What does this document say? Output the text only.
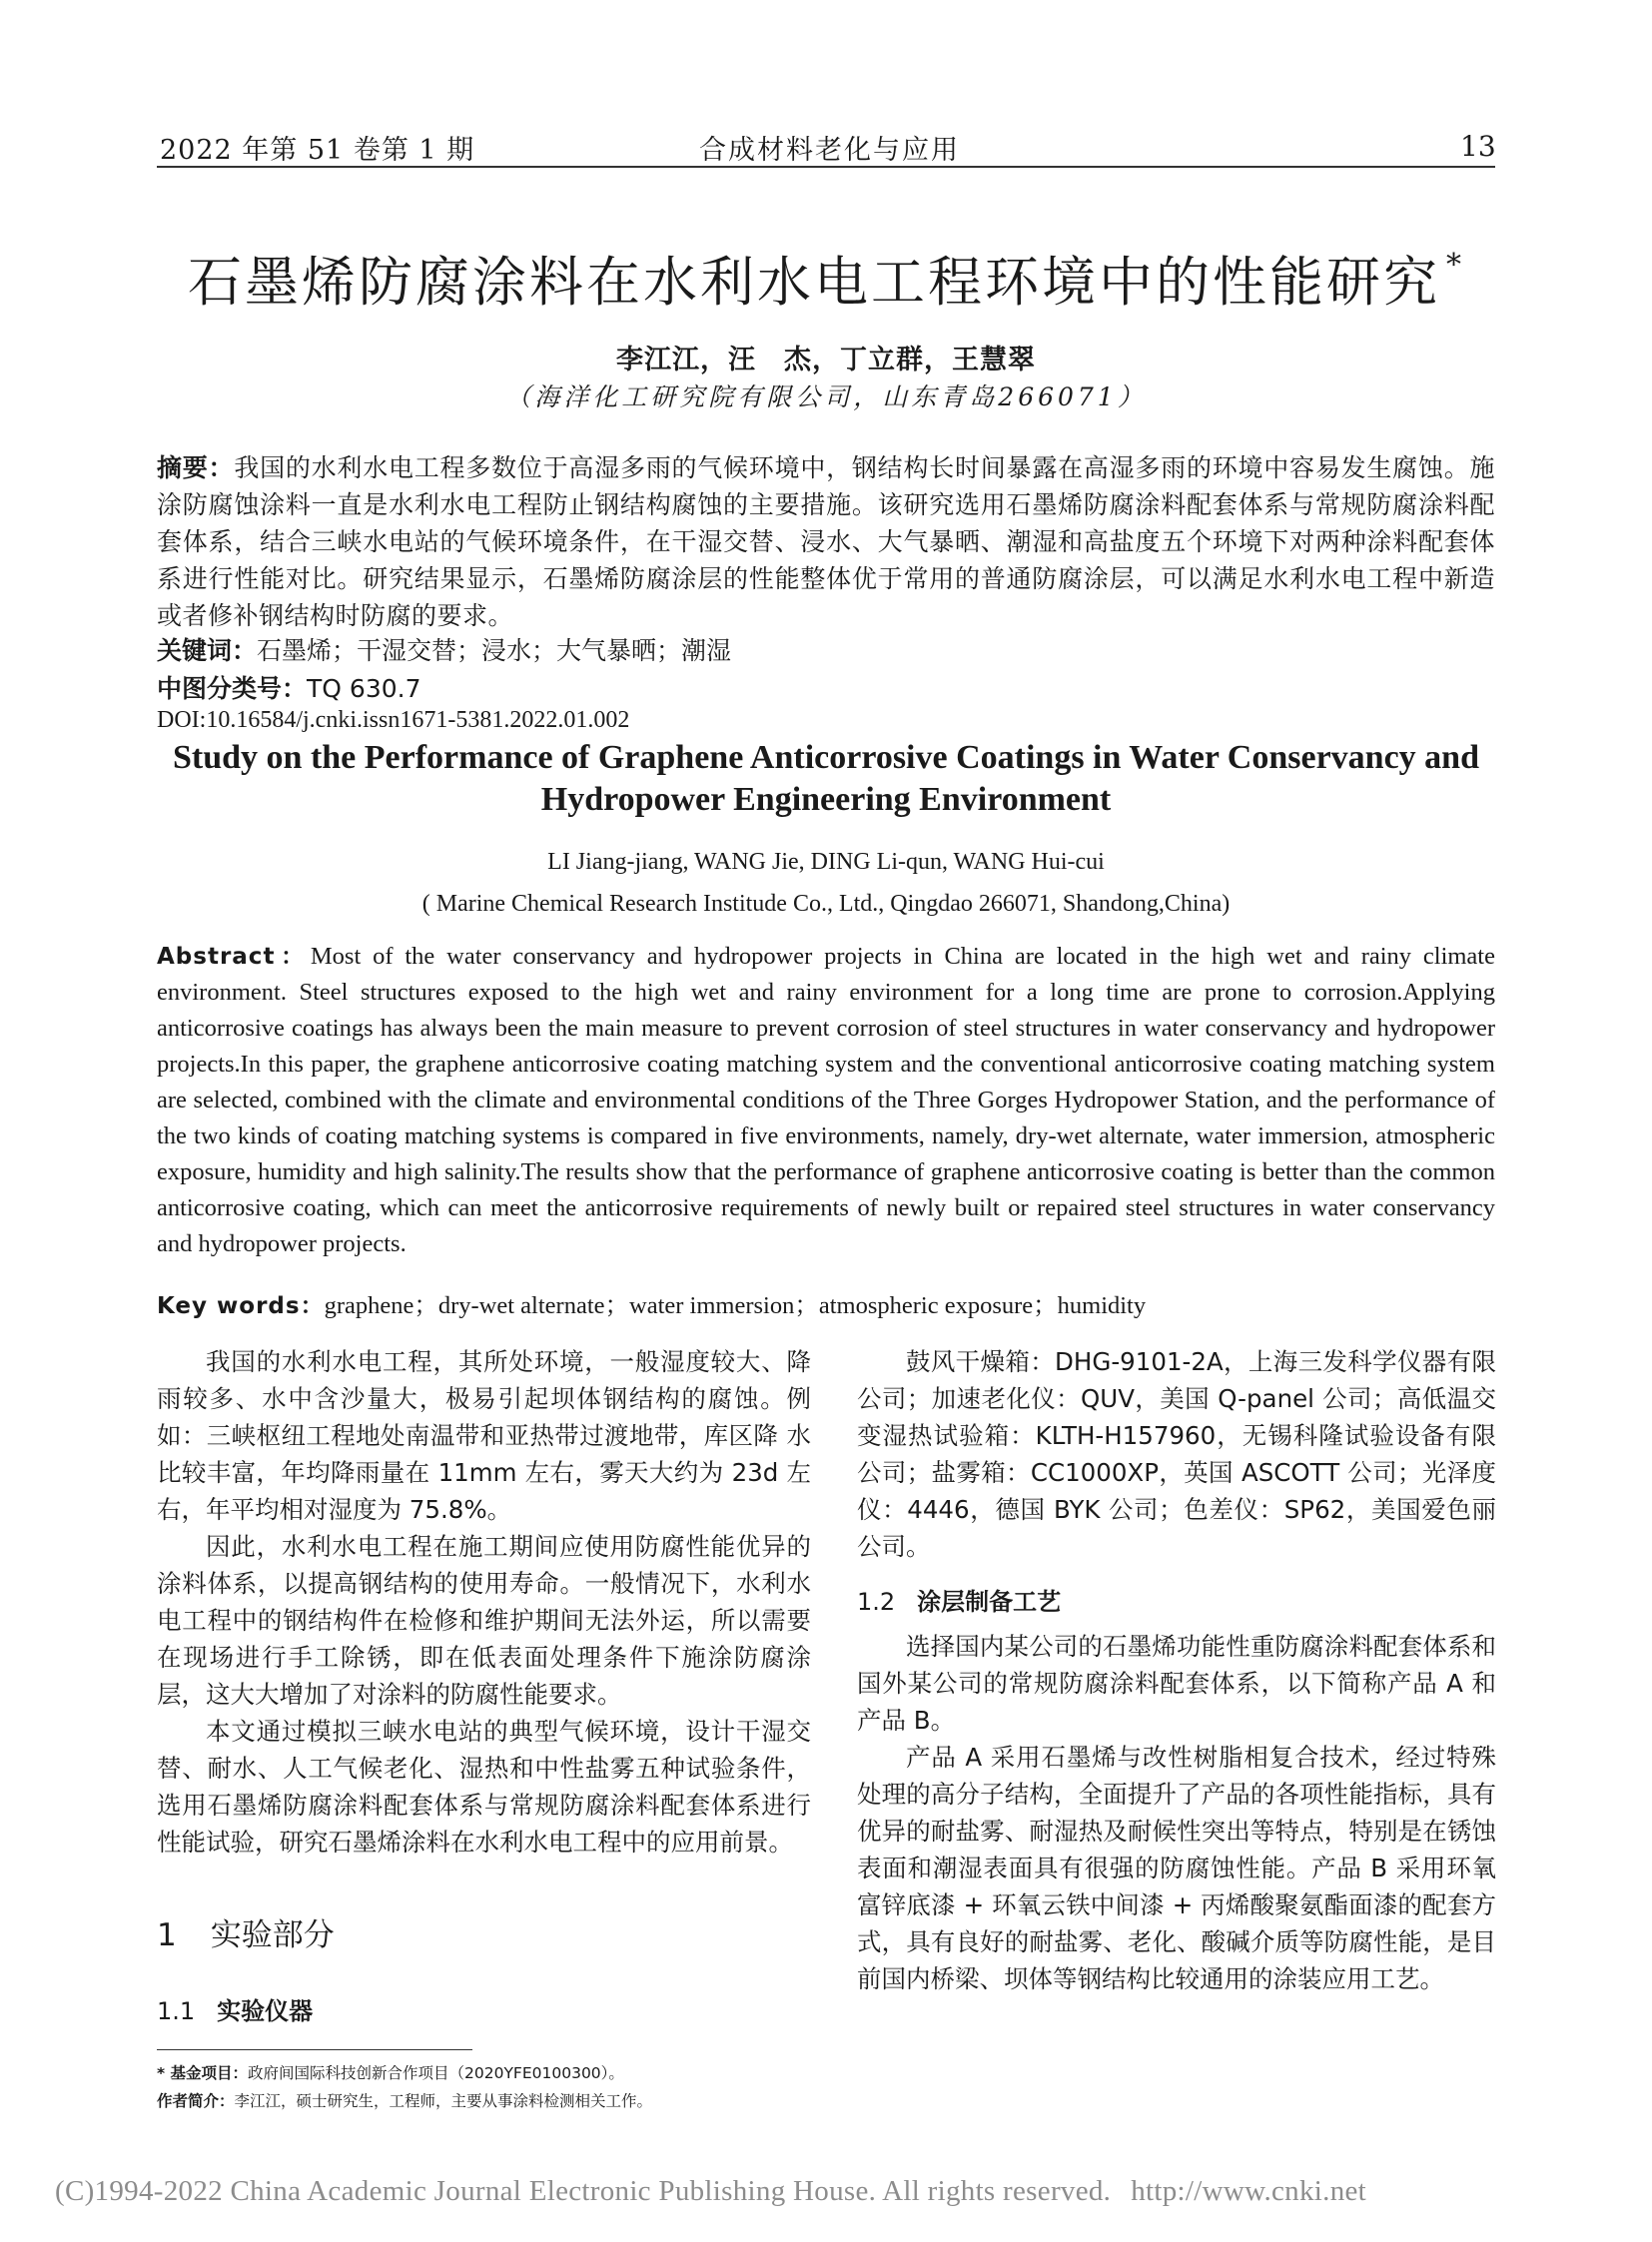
2022 年第 51 卷第 1 期	合成材料老化与应用	13
石墨烯防腐涂料在水利水电工程环境中的性能研究 *
李江江，汪　杰，丁立群，王慧翠
（海洋化工研究院有限公司，山东青岛266071）
摘要：我国的水利水电工程多数位于高湿多雨的气候环境中，钢结构长时间暴露在高湿多雨的环境中容易发生腐蚀。施涂防腐蚀涂料一直是水利水电工程防止钢结构腐蚀的主要措施。该研究选用石墨烯防腐涂料配套体系与常规防腐涂料配套体系，结合三峡水电站的气候环境条件，在干湿交替、浸水、大气暴晒、潮湿和高盐度五个环境下对两种涂料配套体系进行性能对比。研究结果显示，石墨烯防腐涂层的性能整体优于常用的普通防腐涂层，可以满足水利水电工程中新造或者修补钢结构时防腐的要求。
关键词：石墨烯；干湿交替；浸水；大气暴晒；潮湿
中图分类号：TQ 630.7
DOI:10.16584/j.cnki.issn1671-5381.2022.01.002
Study on the Performance of Graphene Anticorrosive Coatings in Water Conservancy and Hydropower Engineering Environment
LI Jiang-jiang, WANG Jie, DING Li-qun, WANG Hui-cui
( Marine Chemical Research Institude Co., Ltd., Qingdao 266071, Shandong,China)
Abstract：Most of the water conservancy and hydropower projects in China are located in the high wet and rainy climate environment. Steel structures exposed to the high wet and rainy environment for a long time are prone to corrosion.Applying anticorrosive coatings has always been the main measure to prevent corrosion of steel structures in water conservancy and hydropower projects.In this paper, the graphene anticorrosive coating matching system and the conventional anticorrosive coating matching system are selected, combined with the climate and environmental conditions of the Three Gorges Hydropower Station, and the performance of the two kinds of coating matching systems is compared in five environments, namely, dry-wet alternate, water immersion, atmospheric exposure, humidity and high salinity.The results show that the performance of graphene anticorrosive coating is better than the common anticorrosive coating, which can meet the anticorrosive requirements of newly built or repaired steel structures in water conservancy and hydropower projects.
Key words：graphene；dry-wet alternate；water immersion；atmospheric exposure；humidity

我国的水利水电工程，其所处环境，一般湿度较大、降雨较多、水中含沙量大，极易引起坝体钢结构的腐蚀。例如：三峡枢纽工程地处南温带和亚热带过渡地带，库区降 水比较丰富，年均降雨量在 11mm 左右，雾天大约为 23d 左右，年平均相对湿度为 75.8%。

因此，水利水电工程在施工期间应使用防腐性能优异的涂料体系，以提高钢结构的使用寿命。一般情况下，水利水电工程中的钢结构件在检修和维护期间无法外运，所以需要在现场进行手工除锈，即在低表面处理条件下施涂防腐涂层，这大大增加了对涂料的防腐性能要求。

本文通过模拟三峡水电站的典型气候环境，设计干湿交替、耐水、人工气候老化、湿热和中性盐雾五种试验条件，选用石墨烯防腐涂料配套体系与常规防腐涂料配套体系进行性能试验，研究石墨烯涂料在水利水电工程中的应用前景。

1 实验部分
1.1 实验仪器

鼓风干燥箱：DHG-9101-2A，上海三发科学仪器有限公司；加速老化仪：QUV，美国 Q-panel 公司；高低温交变湿热试验箱：KLTH-H157960，无锡科隆试验设备有限公司；盐雾箱：CC1000XP，英国 ASCOTT 公司；光泽度仪：4446，德国 BYK 公司；色差仪：SP62，美国爱色丽公司。

1.2 涂层制备工艺

选择国内某公司的石墨烯功能性重防腐涂料配套体系和国外某公司的常规防腐涂料配套体系，以下简称产品 A 和产品 B。

产品 A 采用石墨烯与改性树脂相复合技术，经过特殊处理的高分子结构，全面提升了产品的各项性能指标，具有优异的耐盐雾、耐湿热及耐候性突出等特点，特别是在锈蚀表面和潮湿表面具有很强的防腐蚀性能。产品 B 采用环氧富锌底漆 + 环氧云铁中间漆 + 丙烯酸聚氨酯面漆的配套方式，具有良好的耐盐雾、老化、酸碱介质等防腐性能，是目前国内桥梁、坝体等钢结构比较通用的涂装应用工艺。

* 基金项目：政府间国际科技创新合作项目（2020YFE0100300）。
作者简介：李江江，硕士研究生，工程师，主要从事涂料检测相关工作。
(C)1994-2022 China Academic Journal Electronic Publishing House. All rights reserved. http://www.cnki.net
